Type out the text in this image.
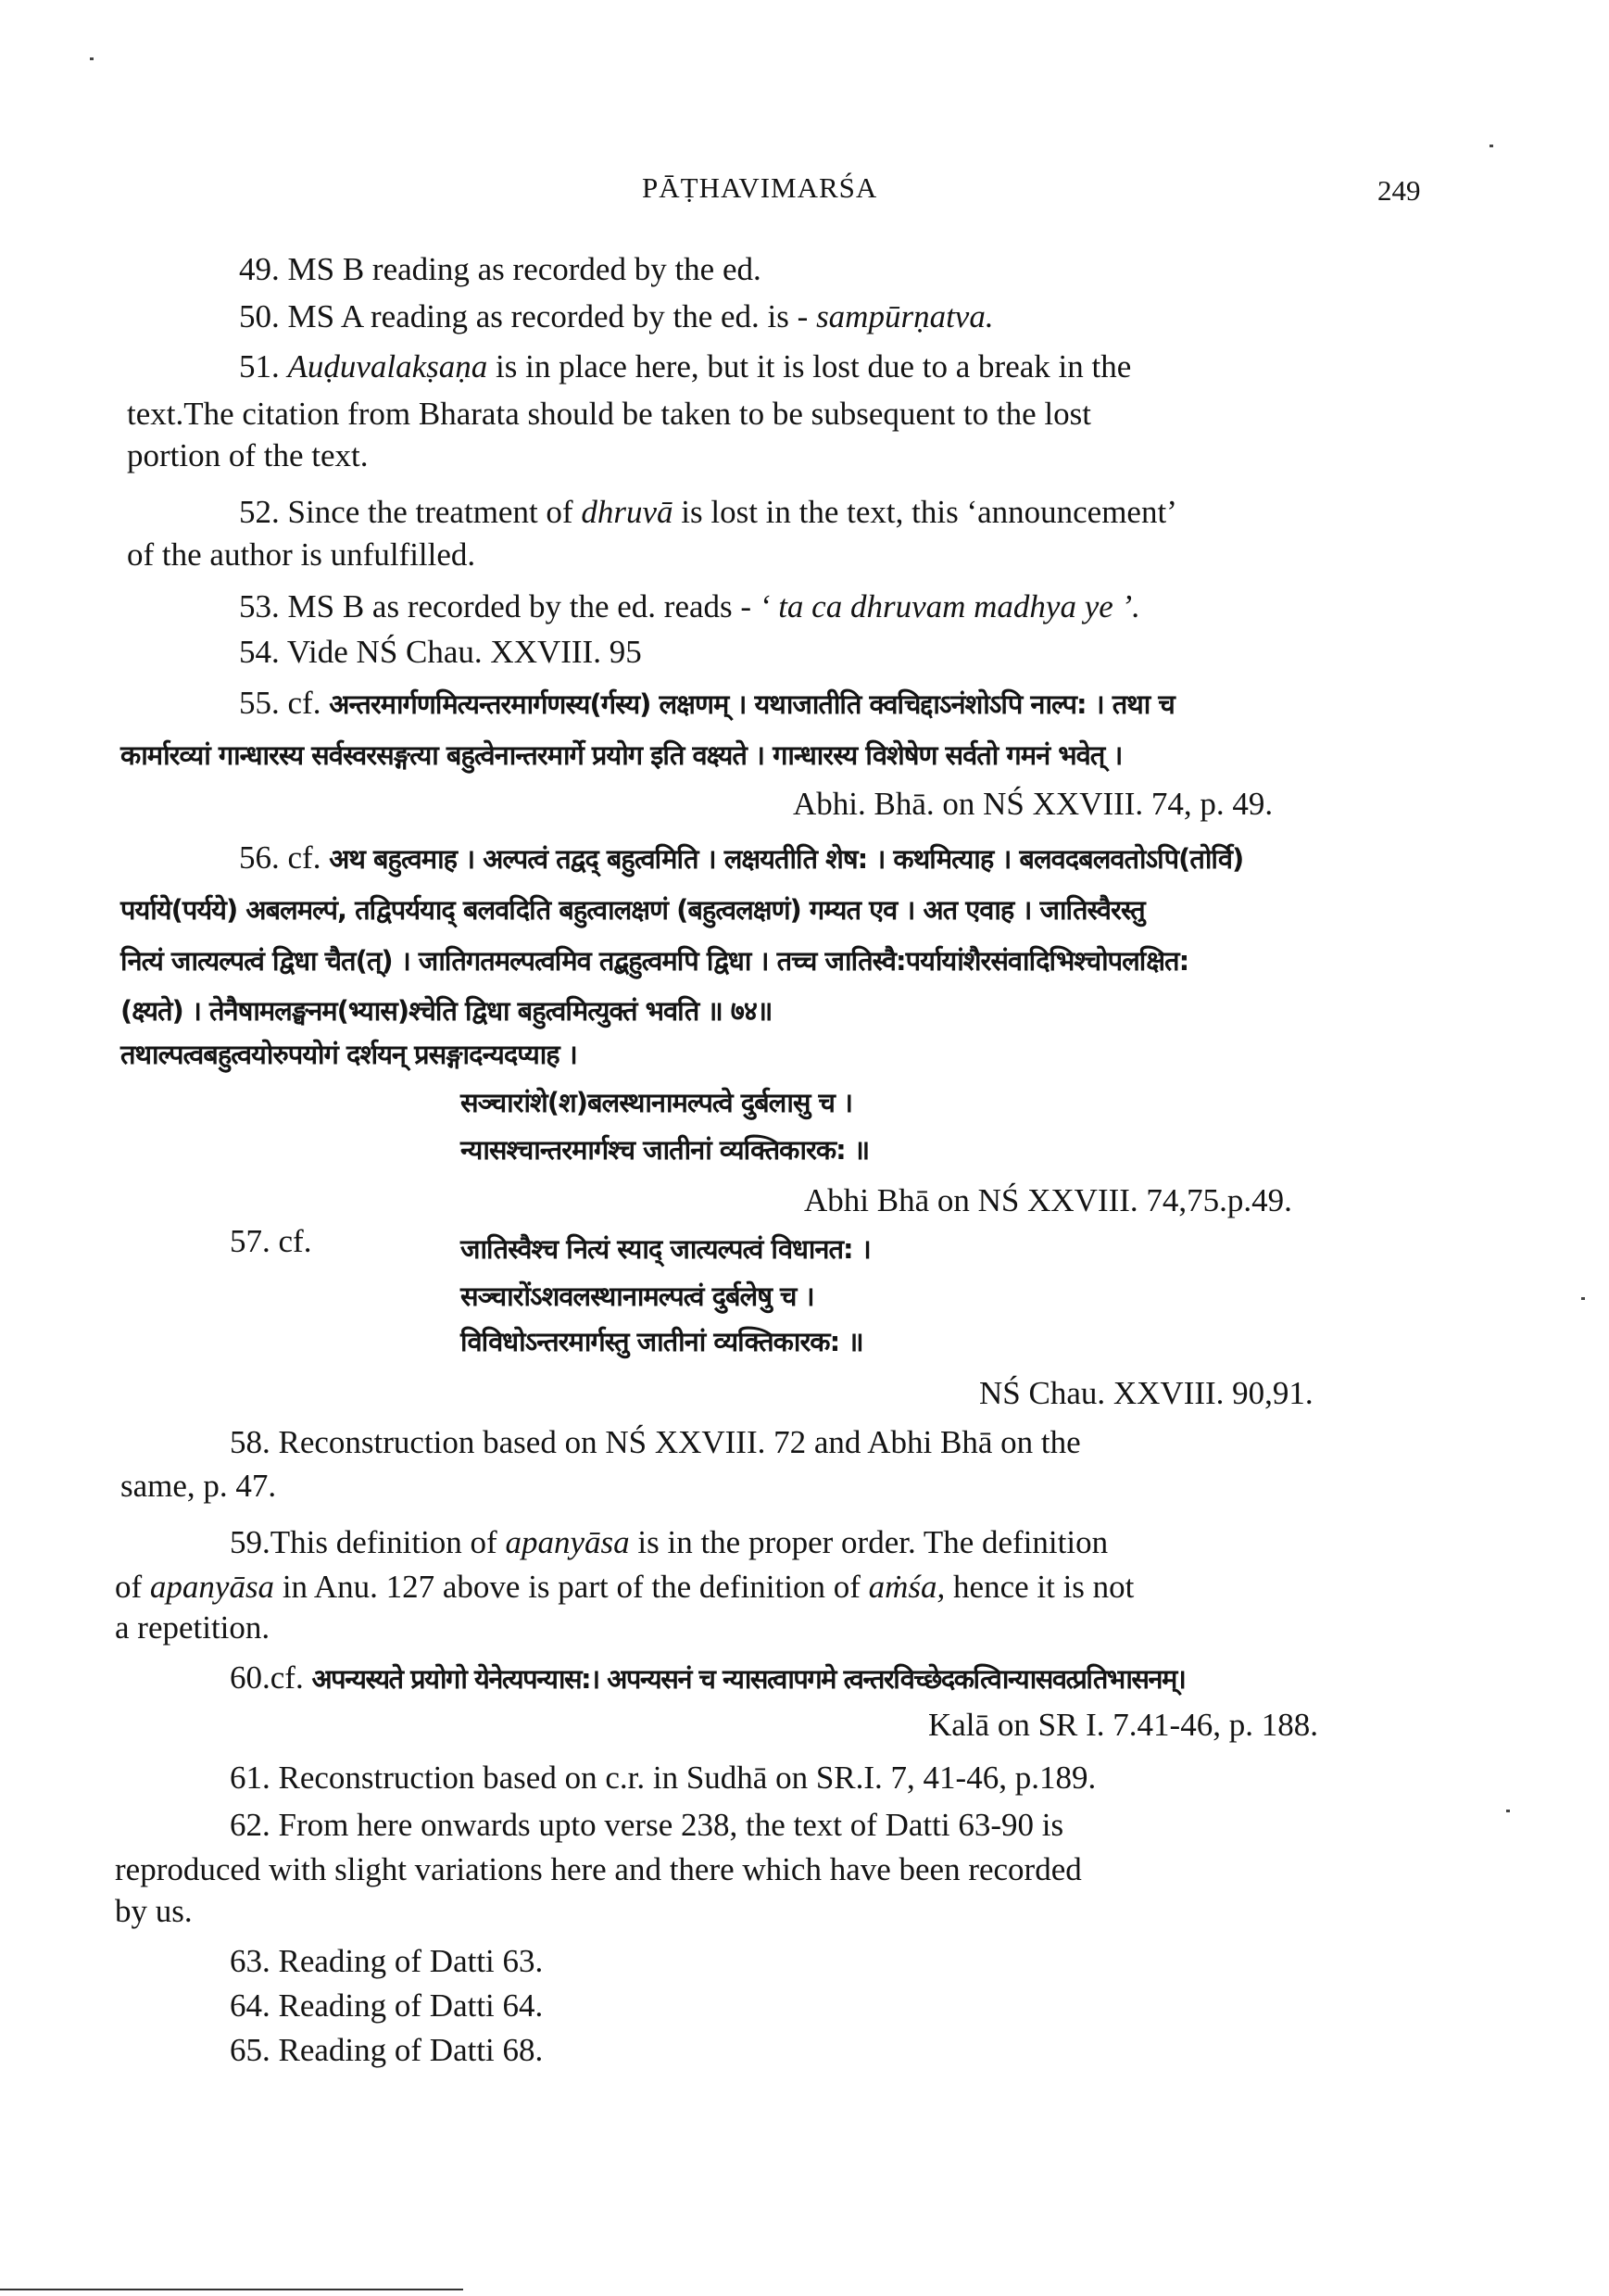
PĀṬHAVIMARŚA	249
49. MS B reading as recorded by the ed.
50. MS A reading as recorded by the ed. is - sampūrṇatva.
51. Auḍuvalakṣaṇa is in place here, but it is lost due to a break in the
text.The citation from Bharata should be taken to be subsequent to the lost
portion of the text.
52. Since the treatment of dhruvā is lost in the text, this ‘announcement’
of the author is unfulfilled.
53. MS B as recorded by the ed. reads - ‘ ta ca dhruvam madhya ye ’.
54. Vide NŚ Chau. XXVIII. 95
55. cf. अन्तरमार्गणमित्यन्तरमार्गणस्य(र्गस्य) लक्षणम् । यथाजातीति क्वचिद्दाऽनंशोऽपि नाल्प: । तथा च
कार्मारव्यां गान्धारस्य सर्वस्वरसङ्गत्या बहुत्वेनान्तरमार्गे प्रयोग इति वक्ष्यते । गान्धारस्य विशेषेण सर्वतो गमनं भवेत् ।
Abhi. Bhā. on NŚ XXVIII. 74, p. 49.
56. cf. अथ बहुत्वमाह । अल्पत्वं तद्वद् बहुत्वमिति । लक्षयतीति शेष: । कथमित्याह । बलवदबलवतोऽपि(तोर्वि)
पर्यायेे(पर्यये) अबलमल्पं, तद्विपर्ययाद् बलवदिति बहुत्वालक्षणं (बहुत्वलक्षणं) गम्यत एव । अत एवाह । जातिस्वैरस्तु
नित्यं जात्यल्पत्वं द्विधा चैत(त्) । जातिगतमल्पत्वमिव तद्बहुत्वमपि द्विधा । तच्च जातिस्वै:पर्यायांशैरसंवादिभिश्चोपलक्षित:
(क्ष्यते) । तेनैषामलङ्घनम(भ्यास)श्चेति द्विधा बहुत्वमित्युक्तं भवति ॥ ७४॥
तथाल्पत्वबहुत्वयोरुपयोगं दर्शयन् प्रसङ्गादन्यदप्याह ।
सञ्चारांशे(श)बलस्थानामल्पत्वे दुर्बलासु च ।
न्यासश्चान्तरमार्गश्च जातीनां व्यक्तिकारक: ॥
Abhi Bhā on NŚ XXVIII. 74,75.p.49.
57. cf.	जातिस्वैश्च नित्यं स्याद् जात्यल्पत्वं विधानत: ।
सञ्चारोंऽशवलस्थानामल्पत्वं दुर्बलेषु च ।
विविधोऽन्तरमार्गस्तु जातीनां व्यक्तिकारक: ॥
NŚ Chau. XXVIII. 90,91.
58. Reconstruction based on NŚ XXVIII. 72 and Abhi Bhā on the
same, p. 47.
59.This definition of apanyāsa is in the proper order. The definition
of apanyāsa in Anu. 127 above is part of the definition of aṁśa, hence it is not
a repetition.
60.cf. अपन्यस्यते प्रयोगो येनेत्यपन्यास:। अपन्यसनं च न्यासत्वापगमे त्वन्तरविच्छेदकत्विान्यासवत्प्रतिभासनम्।
Kalā on SR I. 7.41-46, p. 188.
61. Reconstruction based on c.r. in Sudhā on SR.I. 7, 41-46, p.189.
62. From here onwards upto verse 238, the text of Datti 63-90 is
reproduced with slight variations here and there which have been recorded
by us.
63. Reading of Datti 63.
64. Reading of Datti 64.
65. Reading of Datti 68.
